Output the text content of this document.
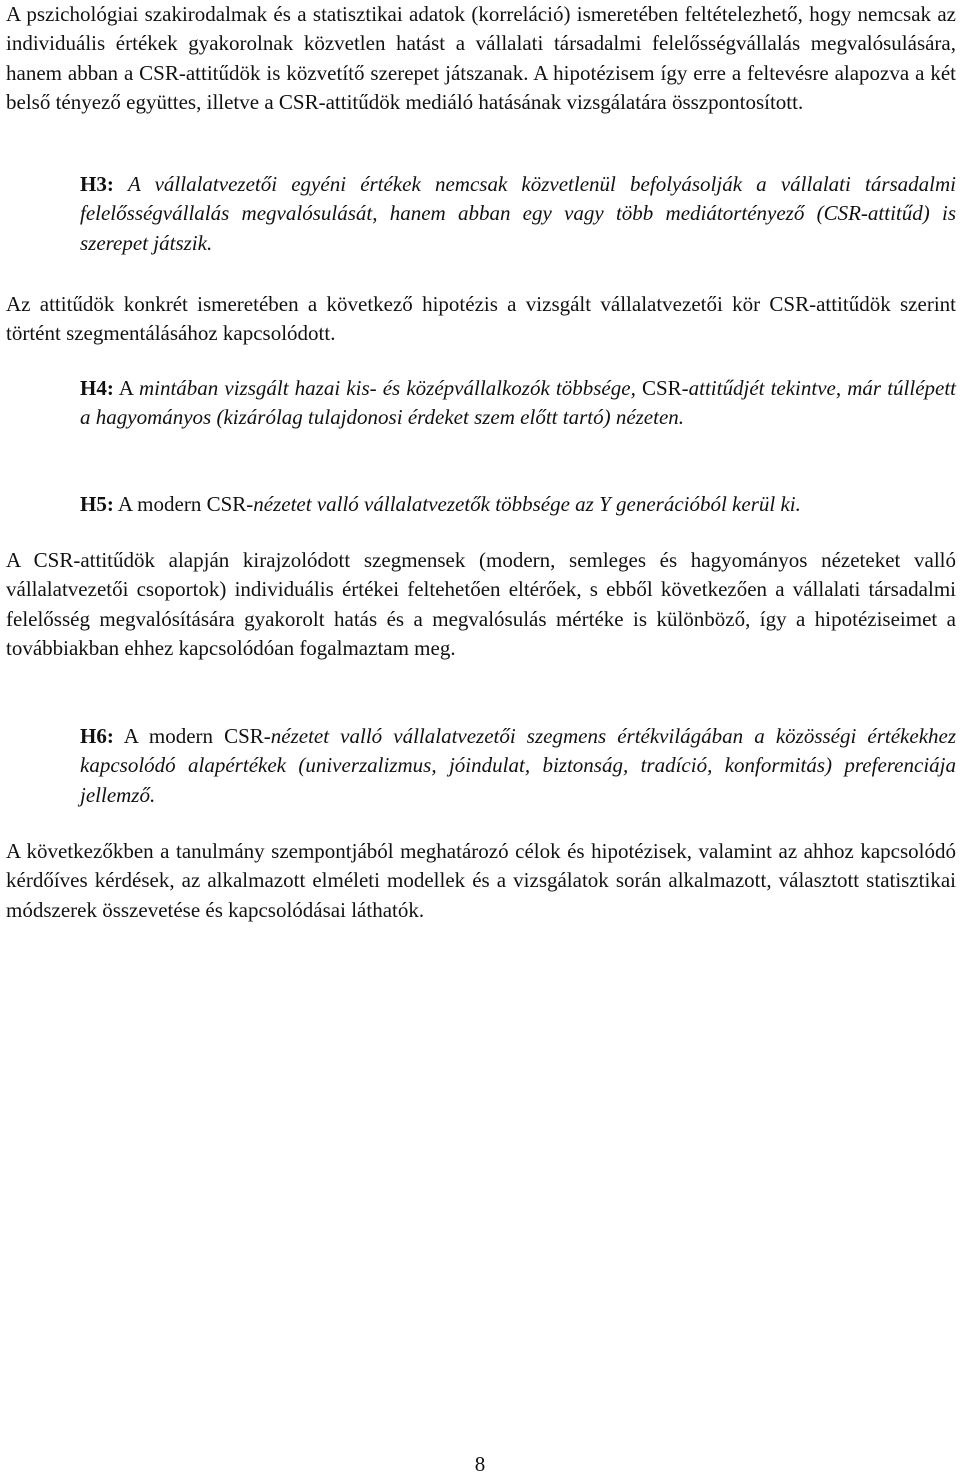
A pszichológiai szakirodalmak és a statisztikai adatok (korreláció) ismeretében feltételezhető, hogy nemcsak az individuális értékek gyakorolnak közvetlen hatást a vállalati társadalmi felelősségvállalás megvalósulására, hanem abban a CSR-attitűdök is közvetítő szerepet játszanak. A hipotézisem így erre a feltevésre alapozva a két belső tényező együttes, illetve a CSR-attitűdök mediáló hatásának vizsgálatára összpontosított.

H3: A vállalatvezetői egyéni értékek nemcsak közvetlenül befolyásolják a vállalati társadalmi felelősségvállalás megvalósulását, hanem abban egy vagy több mediátortényező (CSR-attitűd) is szerepet játszik.

Az attitűdök konkrét ismeretében a következő hipotézis a vizsgált vállalatvezetői kör CSR-attitűdök szerint történt szegmentálásához kapcsolódott.

H4: A mintában vizsgált hazai kis- és középvállalkozók többsége, CSR-attitűdjét tekintve, már túllépett a hagyományos (kizárólag tulajdonosi érdeket szem előtt tartó) nézeten.

H5: A modern CSR-nézetet valló vállalatvezetők többsége az Y generációból kerül ki.

A CSR-attitűdök alapján kirajzolódott szegmensek (modern, semleges és hagyományos nézeteket valló vállalatvezetői csoportok) individuális értékei feltehetően eltérőek, s ebből következően a vállalati társadalmi felelősség megvalósítására gyakorolt hatás és a megvalósulás mértéke is különböző, így a hipotéziseimet a továbbiakban ehhez kapcsolódóan fogalmaztam meg.

H6: A modern CSR-nézetet valló vállalatvezetői szegmens értékvilágában a közösségi értékekhez kapcsolódó alapértékek (univerzalizmus, jóindulat, biztonság, tradíció, konformitás) preferenciája jellemző.

A következőkben a tanulmány szempontjából meghatározó célok és hipotézisek, valamint az ahhoz kapcsolódó kérdőíves kérdések, az alkalmazott elméleti modellek és a vizsgálatok során alkalmazott, választott statisztikai módszerek összevetése és kapcsolódásai láthatók.

8
